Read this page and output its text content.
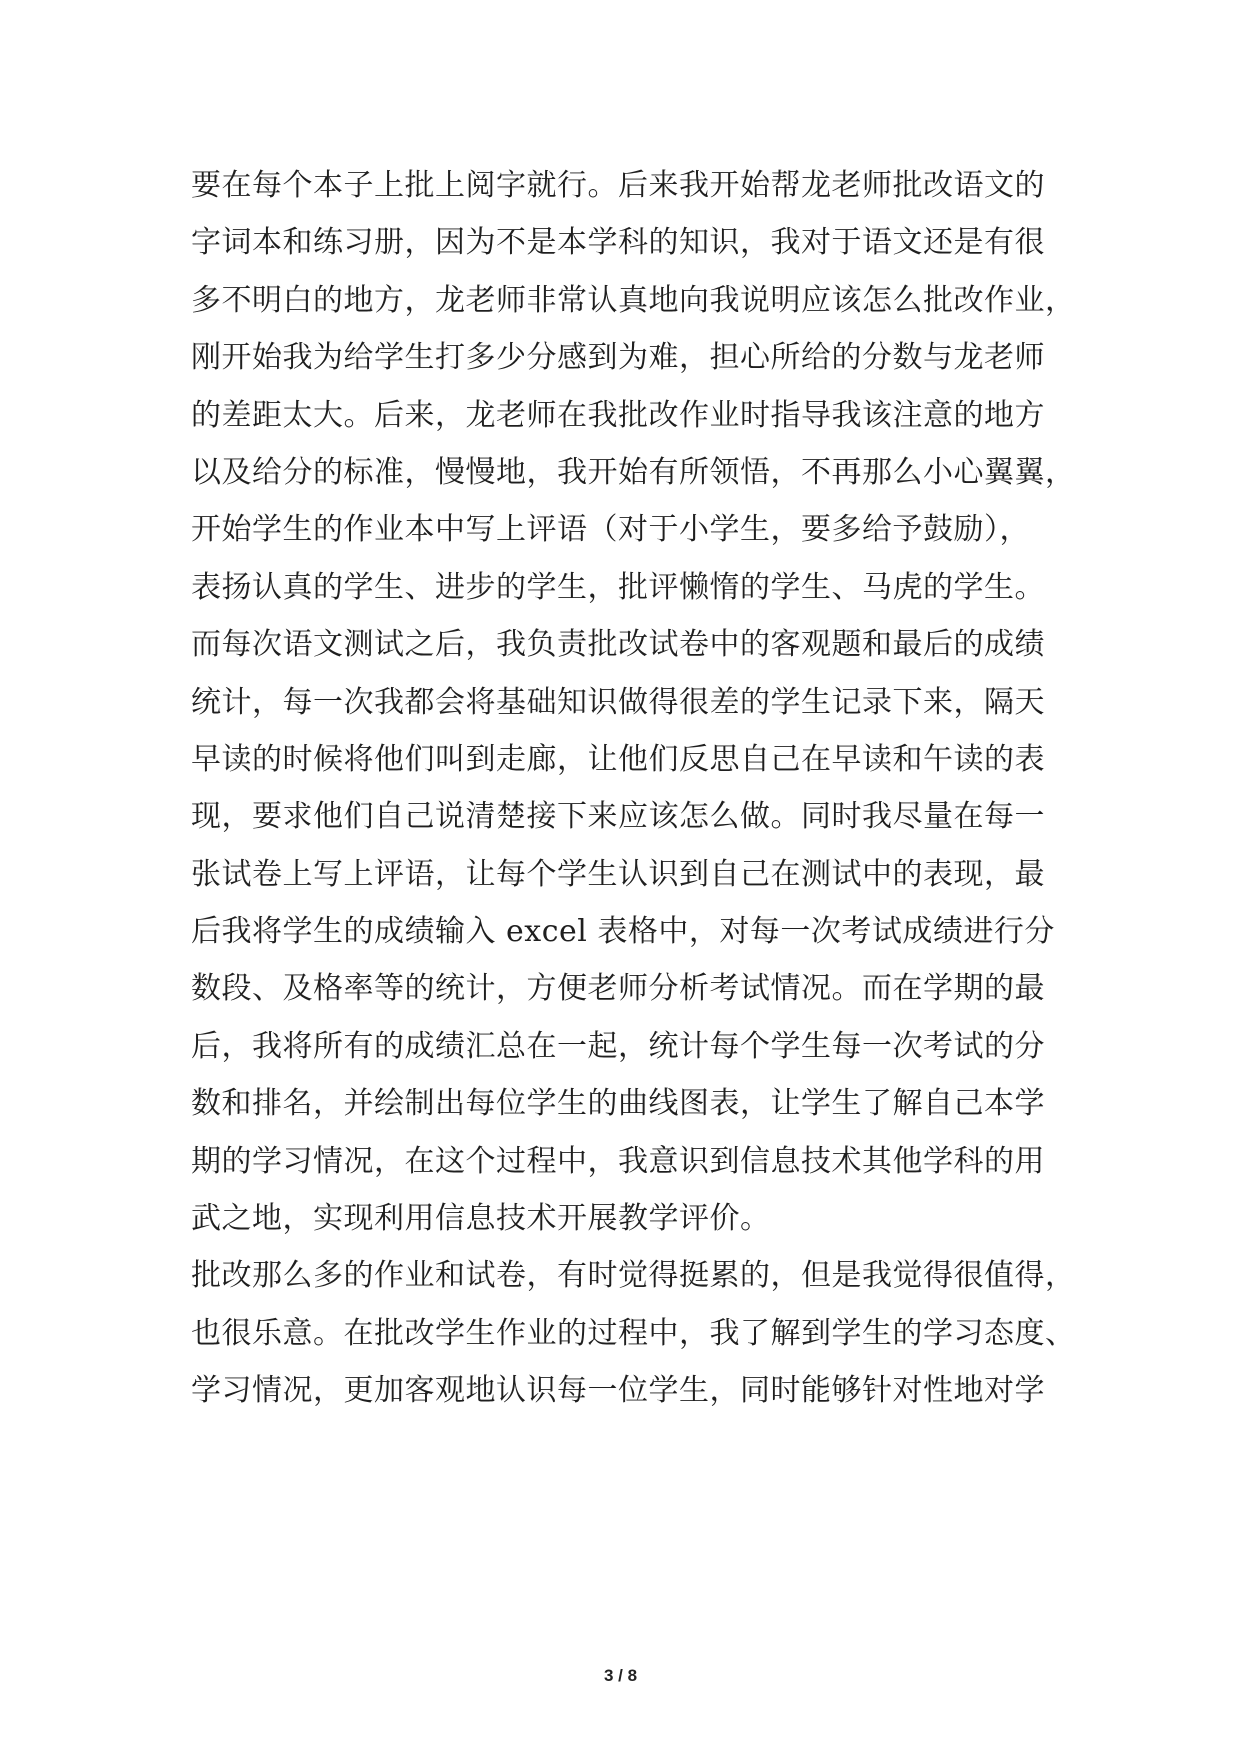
要在每个本子上批上阅字就行。后来我开始帮龙老师批改语文的
字词本和练习册，因为不是本学科的知识，我对于语文还是有很
多不明白的地方，龙老师非常认真地向我说明应该怎么批改作业，
刚开始我为给学生打多少分感到为难，担心所给的分数与龙老师
的差距太大。后来，龙老师在我批改作业时指导我该注意的地方
以及给分的标准，慢慢地，我开始有所领悟，不再那么小心翼翼，
开始学生的作业本中写上评语（对于小学生，要多给予鼓励），
表扬认真的学生、进步的学生，批评懒惰的学生、马虎的学生。
而每次语文测试之后，我负责批改试卷中的客观题和最后的成绩
统计，每一次我都会将基础知识做得很差的学生记录下来，隔天
早读的时候将他们叫到走廊，让他们反思自己在早读和午读的表
现，要求他们自己说清楚接下来应该怎么做。同时我尽量在每一
张试卷上写上评语，让每个学生认识到自己在测试中的表现，最
后我将学生的成绩输入 excel 表格中，对每一次考试成绩进行分
数段、及格率等的统计，方便老师分析考试情况。而在学期的最
后，我将所有的成绩汇总在一起，统计每个学生每一次考试的分
数和排名，并绘制出每位学生的曲线图表，让学生了解自己本学
期的学习情况，在这个过程中，我意识到信息技术其他学科的用
武之地，实现利用信息技术开展教学评价。
批改那么多的作业和试卷，有时觉得挺累的，但是我觉得很值得，
也很乐意。在批改学生作业的过程中，我了解到学生的学习态度、
学习情况，更加客观地认识每一位学生，同时能够针对性地对学
3 / 8
